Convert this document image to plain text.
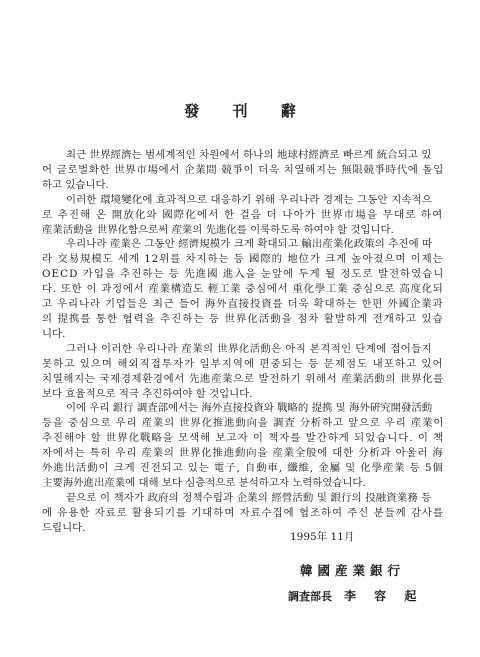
發 刊 辭

최근 世界經濟는 범세계적인 차원에서 하나의 地球村經濟로 빠르게 統合되고 있
어 글로벌화한 世界市場에서 企業間 競爭이 더욱 치열해지는 無限競爭時代에 돌입
하고 있습니다.

이러한 環境變化에 효과적으로 대응하기 위해 우리나라 경제는 그동안 지속적으
로 추진해 온 開放化와 國際化에서 한 걸음 더 나아가 世界市場을 무대로 하여
産業活動을 世界化함으로써 産業의 先進化를 이룩하도록 하여야 할 것입니다.

우리나라 産業은 그동안 經濟規模가 크게 확대되고 輸出産業化政策의 추진에 따
라 交易規模도 세계 12위를 차지하는 등 國際的 地位가 크게 높아졌으며 이제는
OECD 가입을 추진하는 등 先進國 進入을 눈앞에 두게 될 정도로 발전하였습니
다. 또한 이 과정에서 産業構造도 輕工業 중심에서 重化學工業 중심으로 高度化되
고 우리나라 기업들은 최근 들어 海外直接投資를 더욱 확대하는 한편 外國企業과
의 提携를 통한 협력을 추진하는 등 世界化活動을 점차 활발하게 전개하고 있습
니다.

그러나 이러한 우리나라 産業의 世界化活動은 아직 본격적인 단계에 접어들지
못하고 있으며 해외직접투자가 일부지역에 편중되는 등 문제점도 내포하고 있어
치열해지는 국제경제환경에서 先進産業으로 발전하기 위해서 産業活動의 世界化를
보다 효율적으로 적극 추진하여야 할 것입니다.

이에 우리 銀行 調査部에서는 海外直接投資와 戰略的 提携 및 海外硏究開發活動
등을 중심으로 우리 産業의 世界化推進動向을 調査 分析하고 앞으로 우리 産業이
추진해야 할 世界化戰略을 모색해 보고자 이 책자를 발간하게 되었습니다. 이 책
자에서는 특히 우리 産業의 世界化推進動向을 産業全般에 대한 分析과 아울러 海
外進出活動이 크게 진전되고 있는 電子, 自動車, 纖維, 金屬 및 化學産業 등 5個
主要海外進出産業에 대해 보다 심층적으로 분석하고자 노력하였습니다.

끝으로 이 책자가 政府의 정책수립과 企業의 經營活動 및 銀行의 投融資業務 등
에 유용한 자료로 활용되기를 기대하며 자료수집에 협조하여 주신 분들께 감사를
드립니다.

1995年 11月
韓國産業銀行
調査部長 李 容 起
